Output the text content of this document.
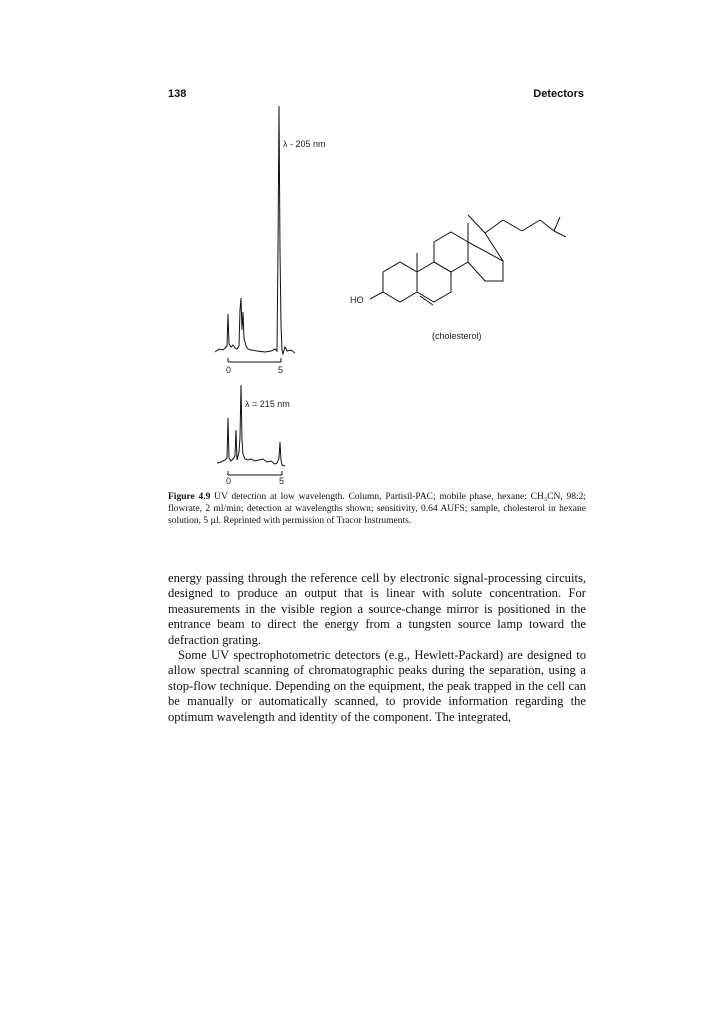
138	Detectors
λ - 205 nm
0	5
λ = 215 nm
0	5
HO
(cholesterol)
Figure 4.9 UV detection at low wavelength. Column, Partisil-PAC; mobile phase, hexane: CH₃CN, 98:2; flowrate, 2 ml/min; detection at wavelengths shown; sensitivity, 0.64 AUFS; sample, cholesterol in hexane solution, 5 µl. Reprinted with permission of Tracor Instruments.

energy passing through the reference cell by electronic signal-processing circuits, designed to produce an output that is linear with solute concentration. For measurements in the visible region a source-change mirror is positioned in the entrance beam to direct the energy from a tungsten source lamp toward the defraction grating.

Some UV spectrophotometric detectors (e.g., Hewlett-Packard) are designed to allow spectral scanning of chromatographic peaks during the separation, using a stop-flow technique. Depending on the equipment, the peak trapped in the cell can be manually or automatically scanned, to provide information regarding the optimum wavelength and identity of the component. The integrated,
